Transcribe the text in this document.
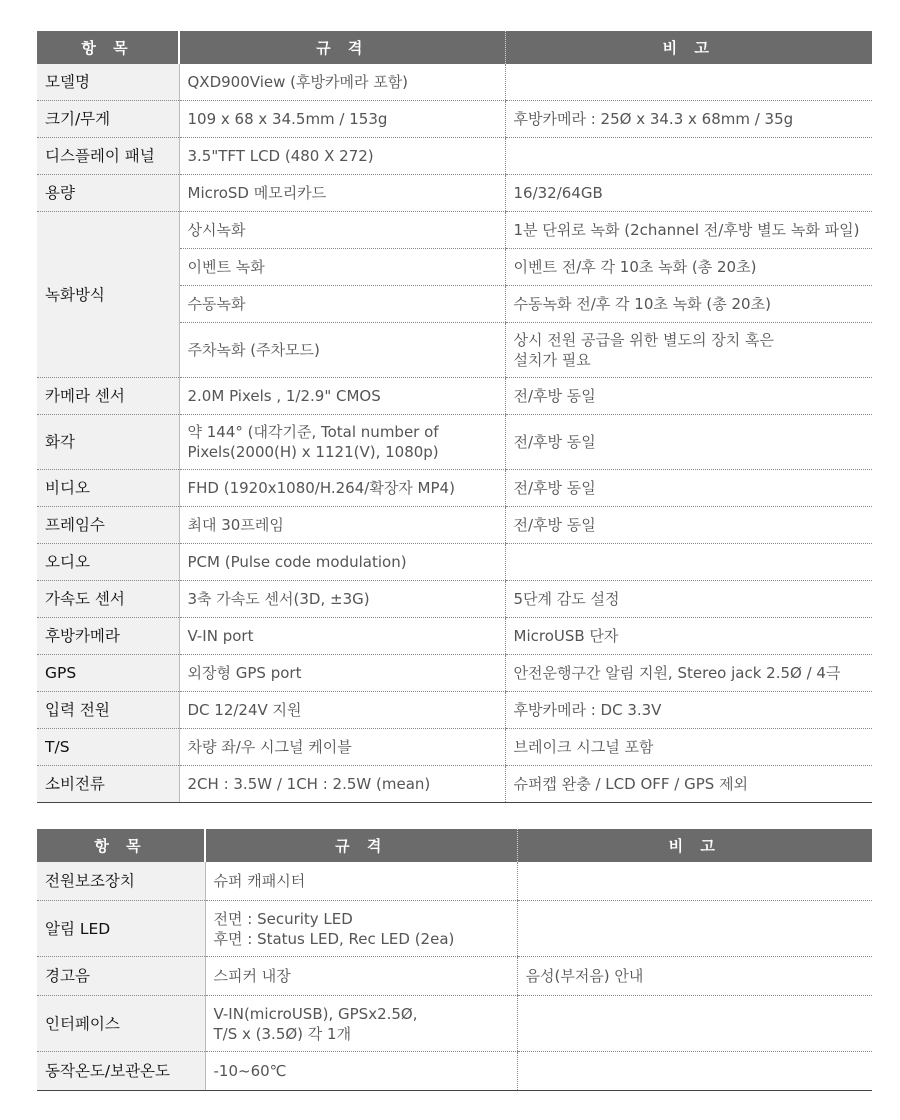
항 목	규 격	비 고
모델명	QXD900View (후방카메라 포함)	
크기/무게	109 x 68 x 34.5mm / 153g	후방카메라 : 25Ø x 34.3 x 68mm / 35g
디스플레이 패널	3.5"TFT LCD (480 X 272)	
용량	MicroSD 메모리카드	16/32/64GB
녹화방식	상시녹화	1분 단위로 녹화 (2channel 전/후방 별도 녹화 파일)
	이벤트 녹화	이벤트 전/후 각 10초 녹화 (총 20초)
	수동녹화	수동녹화 전/후 각 10초 녹화 (총 20초)
	주차녹화 (주차모드)	상시 전원 공급을 위한 별도의 장치 혹은
설치가 필요

카메라 센서	2.0M Pixels , 1/2.9" CMOS	전/후방 동일
화각	약 144° (대각기준, Total number of
Pixels(2000(H) x 1121(V), 1080p)	전/후방 동일
비디오	FHD (1920x1080/H.264/확장자 MP4)	전/후방 동일
프레임수	최대 30프레임	전/후방 동일
오디오	PCM (Pulse code modulation)	
가속도 센서	3축 가속도 센서(3D, ±3G)	5단계 감도 설정
후방카메라	V-IN port	MicroUSB 단자
GPS	외장형 GPS port	안전운행구간 알림 지원, Stereo jack 2.5Ø / 4극
입력 전원	DC 12/24V 지원	후방카메라 : DC 3.3V
T/S	차량 좌/우 시그널 케이블	브레이크 시그널 포함
소비전류	2CH : 3.5W / 1CH : 2.5W (mean)	슈퍼캡 완충 / LCD OFF / GPS 제외
항 목	규 격	비 고
전원보조장치	슈퍼 캐패시터	
알림 LED	전면 : Security LED
후면 : Status LED, Rec LED (2ea)	

경고음	스피커 내장	음성(부저음) 안내
인터페이스	V-IN(microUSB), GPSx2.5Ø,
T/S x (3.5Ø) 각 1개	

동작온도/보관온도	-10~60℃	
